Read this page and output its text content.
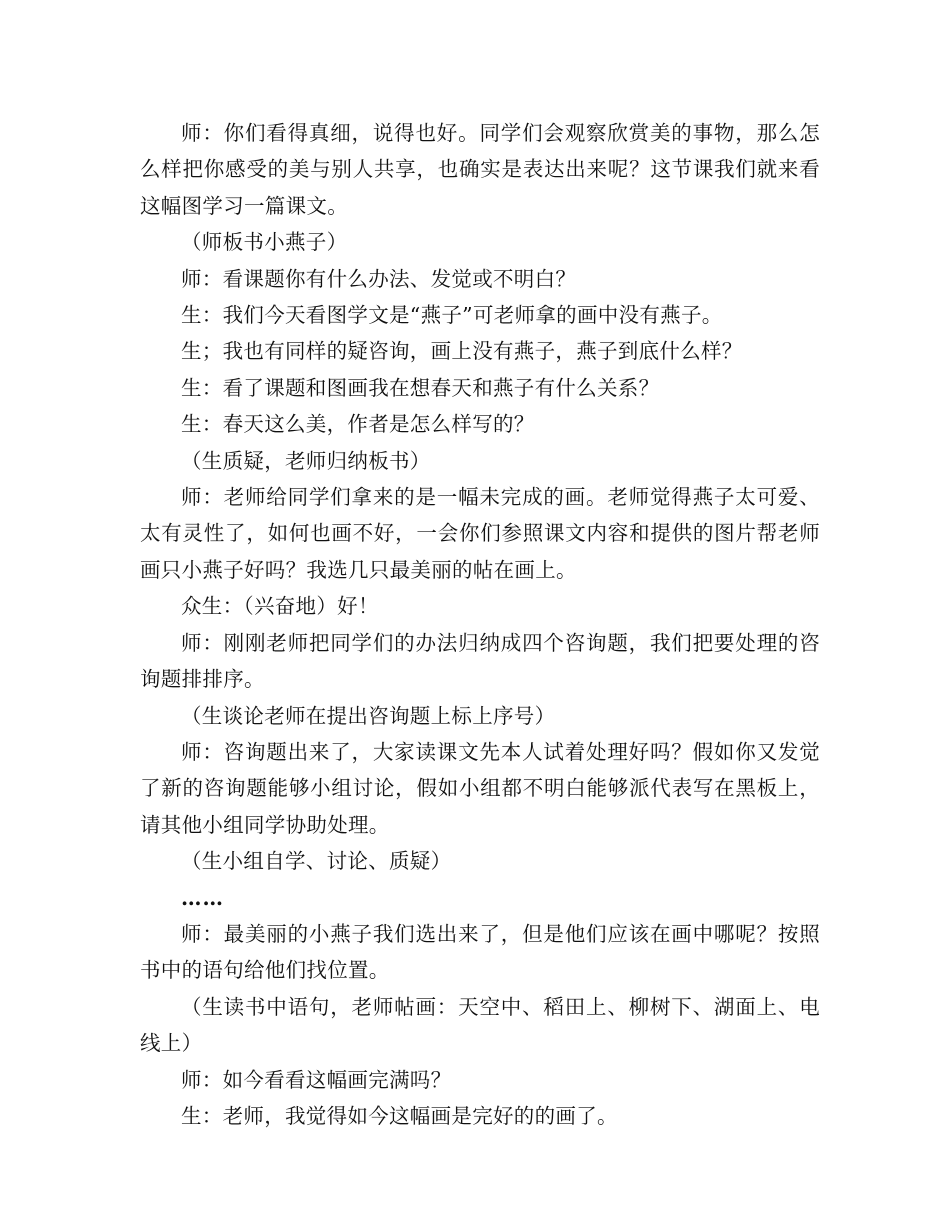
师：你们看得真细，说得也好。同学们会观察欣赏美的事物，那么怎么样把你感受的美与别人共享，也确实是表达出来呢？这节课我们就来看这幅图学习一篇课文。

（师板书小燕子）

师：看课题你有什么办法、发觉或不明白？

生：我们今天看图学文是“燕子”可老师拿的画中没有燕子。

生；我也有同样的疑咨询，画上没有燕子，燕子到底什么样？

生：看了课题和图画我在想春天和燕子有什么关系？

生：春天这么美，作者是怎么样写的？

（生质疑，老师归纳板书）

师：老师给同学们拿来的是一幅未完成的画。老师觉得燕子太可爱、太有灵性了，如何也画不好，一会你们参照课文内容和提供的图片帮老师画只小燕子好吗？我选几只最美丽的帖在画上。

众生：（兴奋地）好！

师：刚刚老师把同学们的办法归纳成四个咨询题，我们把要处理的咨询题排排序。

（生谈论老师在提出咨询题上标上序号）

师：咨询题出来了，大家读课文先本人试着处理好吗？假如你又发觉了新的咨询题能够小组讨论，假如小组都不明白能够派代表写在黑板上，请其他小组同学协助处理。

（生小组自学、讨论、质疑）

……

师：最美丽的小燕子我们选出来了，但是他们应该在画中哪呢？按照书中的语句给他们找位置。

（生读书中语句，老师帖画：天空中、稻田上、柳树下、湖面上、电线上）

师：如今看看这幅画完满吗？

生：老师，我觉得如今这幅画是完好的的画了。
